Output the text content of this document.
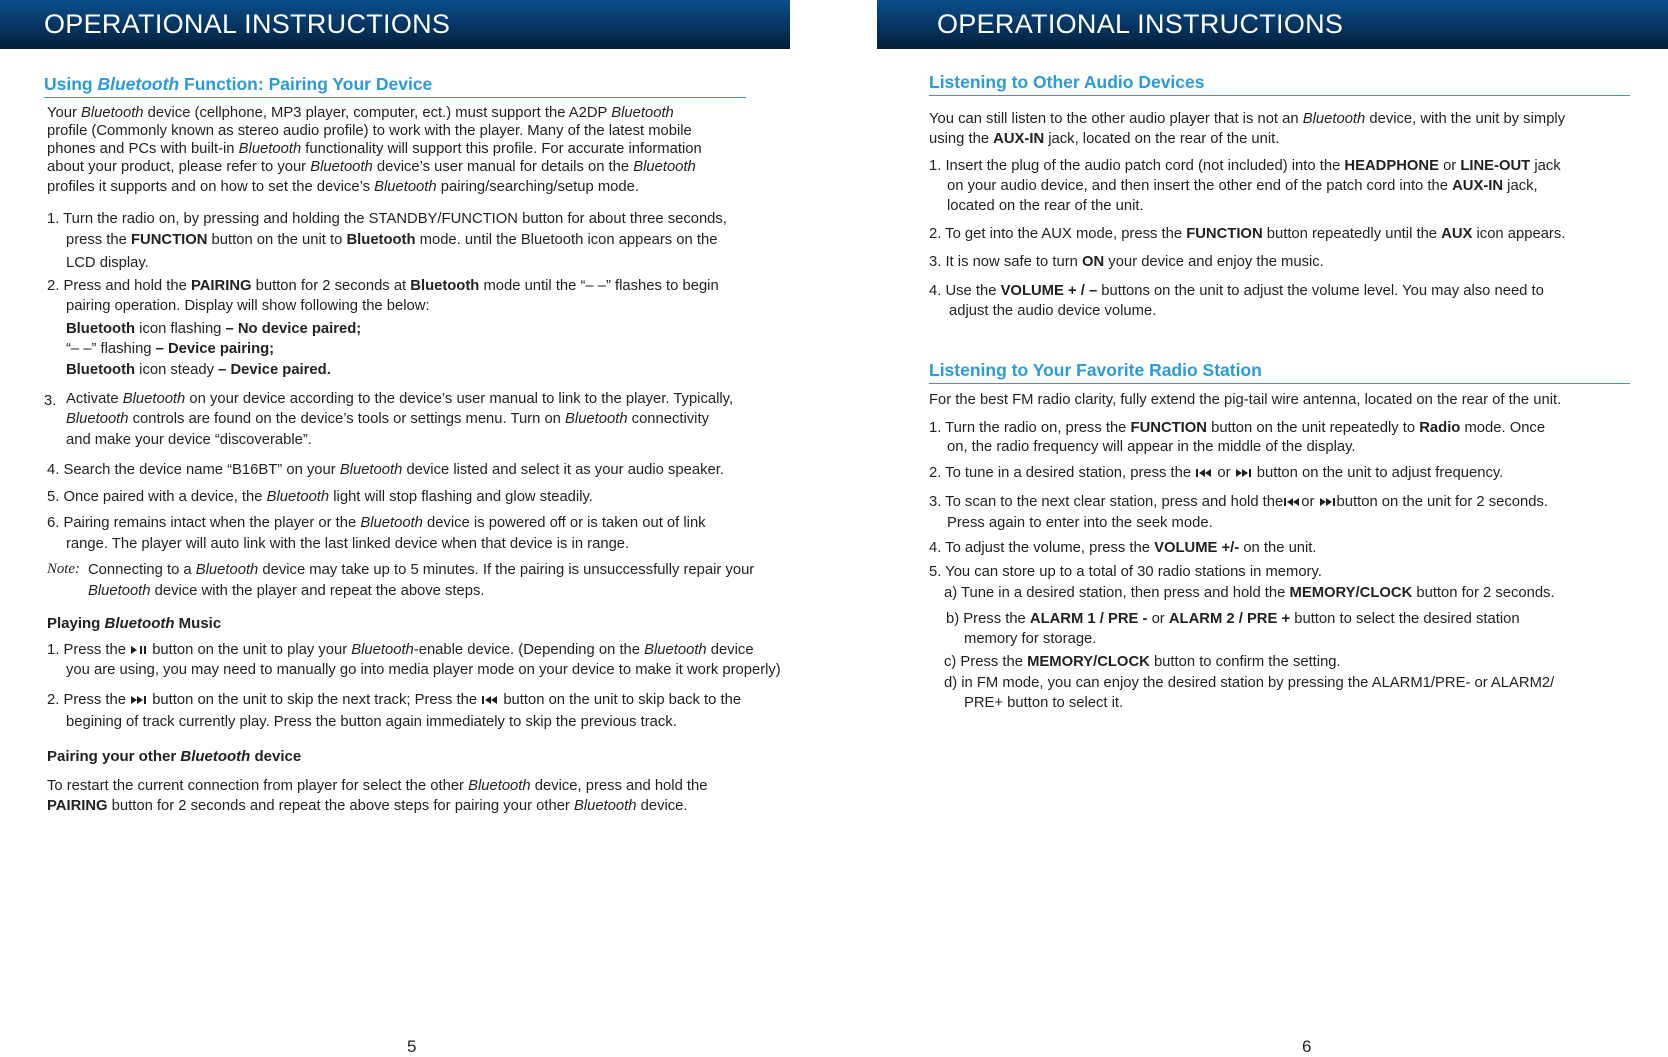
OPERATIONAL INSTRUCTIONS
Using Bluetooth Function: Pairing Your Device
Your Bluetooth device (cellphone, MP3 player, computer, ect.) must support the A2DP Bluetooth
profile (Commonly known as stereo audio profile) to work with the player. Many of the latest mobile
phones and PCs with built-in Bluetooth functionality will support this profile. For accurate information
about your product, please refer to your Bluetooth device’s user manual for details on the Bluetooth
profiles it supports and on how to set the device’s Bluetooth pairing/searching/setup mode.
1. Turn the radio on, by pressing and holding the STANDBY/FUNCTION button for about three seconds,
press the FUNCTION button on the unit to Bluetooth mode. until the Bluetooth icon appears on the
LCD display.
2. Press and hold the PAIRING button for 2 seconds at Bluetooth mode until the “– –” flashes to begin
pairing operation. Display will show following the below:
Bluetooth icon flashing – No device paired;
“– –” flashing – Device pairing;
Bluetooth icon steady – Device paired.
3. Activate Bluetooth on your device according to the device’s user manual to link to the player. Typically,
Bluetooth controls are found on the device’s tools or settings menu. Turn on Bluetooth connectivity
and make your device “discoverable”.
4. Search the device name “B16BT” on your Bluetooth device listed and select it as your audio speaker.
5. Once paired with a device, the Bluetooth light will stop flashing and glow steadily.
6. Pairing remains intact when the player or the Bluetooth device is powered off or is taken out of link
range. The player will auto link with the last linked device when that device is in range.
Note: Connecting to a Bluetooth device may take up to 5 minutes. If the pairing is unsuccessfully repair your
Bluetooth device with the player and repeat the above steps.
Playing Bluetooth Music
1. Press the
button on the unit to play your Bluetooth-enable device. (Depending on the Bluetooth device
you are using, you may need to manually go into media player mode on your device to make it work properly)
2. Press the
button on the unit to skip the next track; Press the
button on the unit to skip back to the
begining of track currently play. Press the button again immediately to skip the previous track.
Pairing your other Bluetooth device
To restart the current connection from player for select the other Bluetooth device, press and hold the
PAIRING button for 2 seconds and repeat the above steps for pairing your other Bluetooth device.
5
OPERATIONAL INSTRUCTIONS
Listening to Other Audio Devices
You can still listen to the other audio player that is not an Bluetooth device, with the unit by simply
using the AUX-IN jack, located on the rear of the unit.
1. Insert the plug of the audio patch cord (not included) into the HEADPHONE or LINE-OUT jack
on your audio device, and then insert the other end of the patch cord into the AUX-IN jack,
located on the rear of the unit.
2. To get into the AUX mode, press the FUNCTION button repeatedly until the AUX icon appears.
3. It is now safe to turn ON your device and enjoy the music.
4. Use the VOLUME + / – buttons on the unit to adjust the volume level. You may also need to
adjust the audio device volume.
Listening to Your Favorite Radio Station
For the best FM radio clarity, fully extend the pig-tail wire antenna, located on the rear of the unit.
1. Turn the radio on, press the FUNCTION button on the unit repeatedly to Radio mode. Once
on, the radio frequency will appear in the middle of the display.
2. To tune in a desired station, press the
or
button on the unit to adjust frequency.
3. To scan to the next clear station, press and hold the or
button on the unit for 2 seconds.
Press again to enter into the seek mode.
4. To adjust the volume, press the VOLUME +/- on the unit.
5. You can store up to a total of 30 radio stations in memory.
a) Tune in a desired station, then press and hold the MEMORY/CLOCK button for 2 seconds.
b) Press the ALARM 1 / PRE - or ALARM 2 / PRE + button to select the desired station
memory for storage.
c) Press the MEMORY/CLOCK button to confirm the setting.
d) in FM mode, you can enjoy the desired station by pressing the ALARM1/PRE- or ALARM2/
PRE+ button to select it.
6
